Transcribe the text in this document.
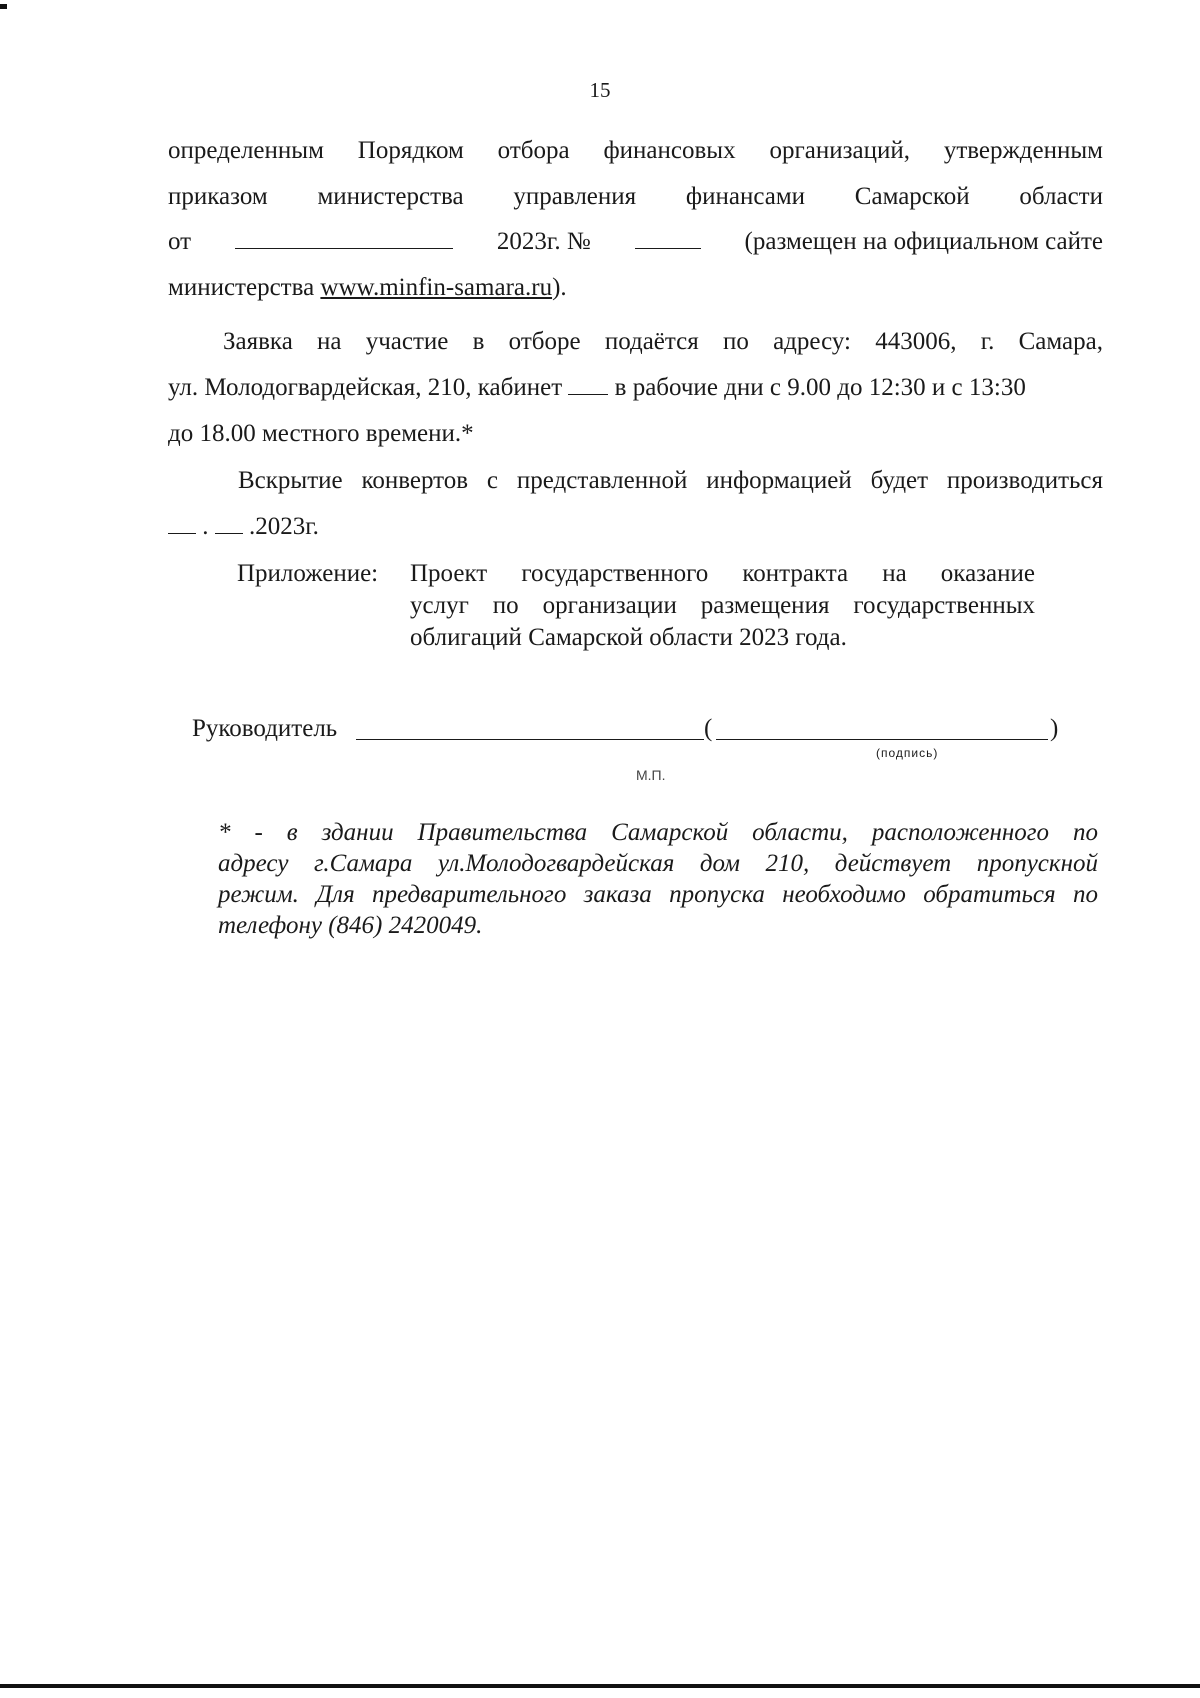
15
определенным Порядком отбора финансовых организаций, утвержденным
приказом министерства управления финансами Самарской области
от	2023г. №	(размещен на официальном сайте
министерства www.minfin-samara.ru).
Заявка на участие в отборе подаётся по адресу: 443006, г. Самара,
ул. Молодогвардейская, 210, кабинет в рабочие дни с 9.00 до 12:30 и с 13:30
до 18.00 местного времени.*
Вскрытие конвертов с представленной информацией будет производиться
. .2023г.
Приложение: Проект государственного контракта на оказание
услуг по организации размещения государственных
облигаций Самарской области 2023 года.
Руководитель	(	)
(подпись)
М.П.
* - в здании Правительства Самарской области, расположенного по
адресу г.Самара ул.Молодогвардейская дом 210, действует пропускной
режим. Для предварительного заказа пропуска необходимо обратиться по
телефону (846) 2420049.
